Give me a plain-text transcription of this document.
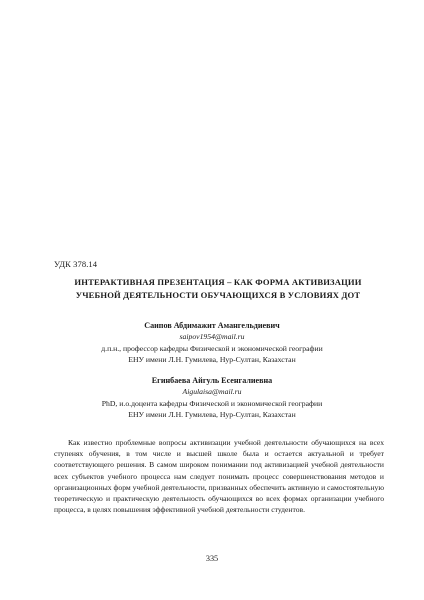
УДК 378.14
ИНТЕРАКТИВНАЯ ПРЕЗЕНТАЦИЯ – КАК ФОРМА АКТИВИЗАЦИИ УЧЕБНОЙ ДЕЯТЕЛЬНОСТИ ОБУЧАЮЩИХСЯ В УСЛОВИЯХ ДОТ
Саипов Абдимажит Амангельдиевич
saipov1954@mail.ru
д.п.н., профессор кафедры Физической и экономической географии
ЕНУ имени Л.Н. Гумилева, Нур-Султан, Казахстан
Егинбаева Айгуль Есенгалиевна
Aigulaisa@mail.ru
PhD, и.о.доцента кафедры Физической и экономической географии
ЕНУ имени Л.Н. Гумилева, Нур-Султан, Казахстан
Как известно проблемные вопросы активизации учебной деятельности обучающихся на всех ступенях обучения, в том числе и высшей школе была и остается актуальной и требует соответствующего решения. В самом широком понимании под активизацией учебной деятельности всех субъектов учебного процесса нам следует понимать процесс совершенствования методов и организационных форм учебной деятельности, призванных обеспечить активную и самостоятельную теоретическую и практическую деятельность обучающихся во всех формах организации учебного процесса, в целях повышения эффективной учебной деятельности студентов.
335
